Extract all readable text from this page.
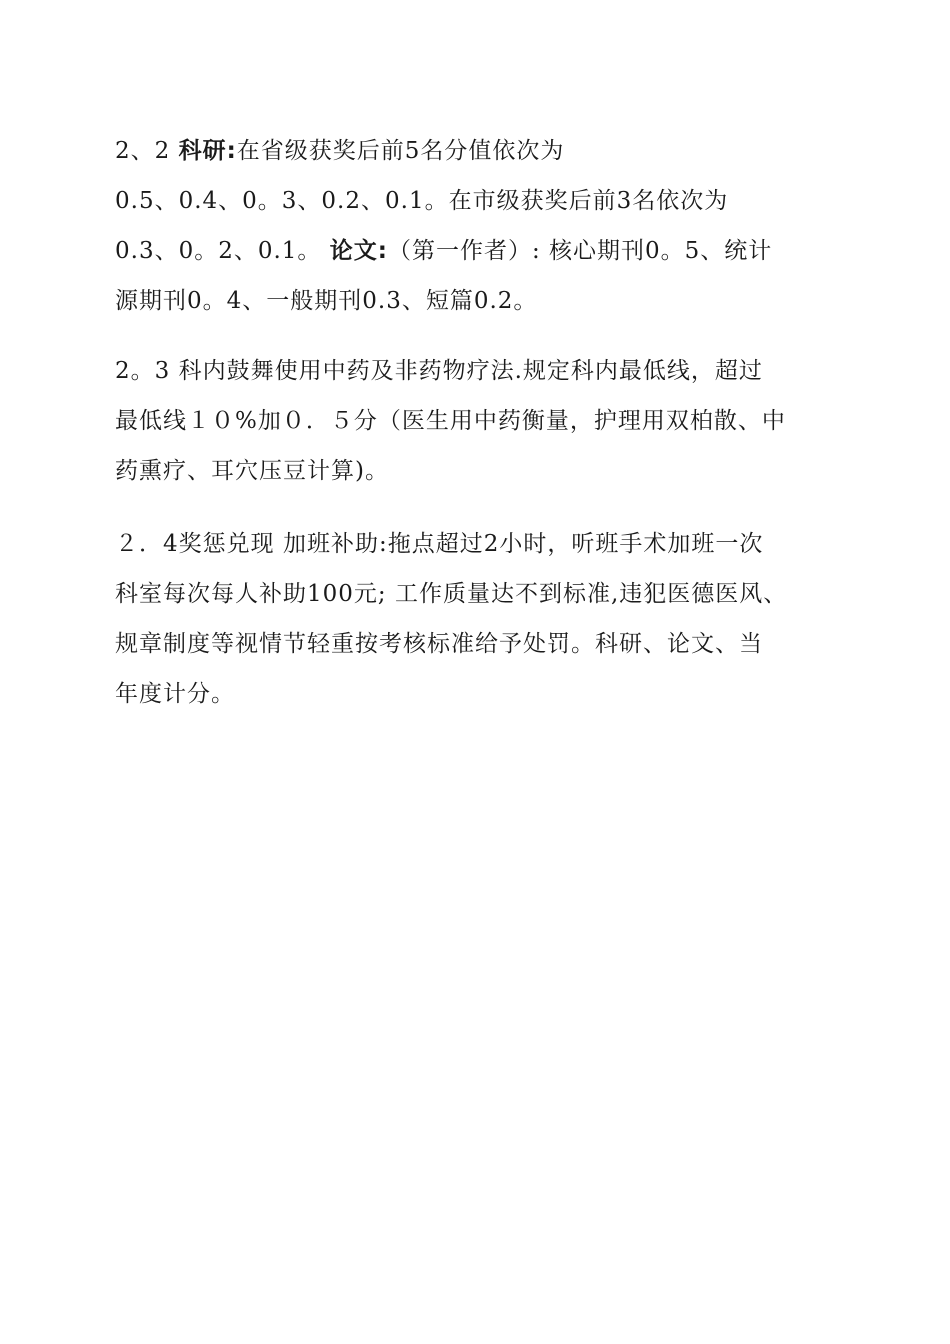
2、2 科研:在省级获奖后前5名分值依次为
0.5、0.4、0。3、0.2、0.1。在市级获奖后前3名依次为
0.3、0。2、0.1。 论文:（第一作者）: 核心期刊0。5、统计
源期刊0。4、一般期刊0.3、短篇0.2。
2。3 科内鼓舞使用中药及非药物疗法.规定科内最低线，超过
最低线１０%加０．５分（医生用中药衡量，护理用双柏散、中
药熏疗、耳穴压豆计算)。
２．4奖惩兑现 加班补助:拖点超过2小时，听班手术加班一次
科室每次每人补助100元; 工作质量达不到标准,违犯医德医风、
规章制度等视情节轻重按考核标准给予处罚。科研、论文、当
年度计分。
